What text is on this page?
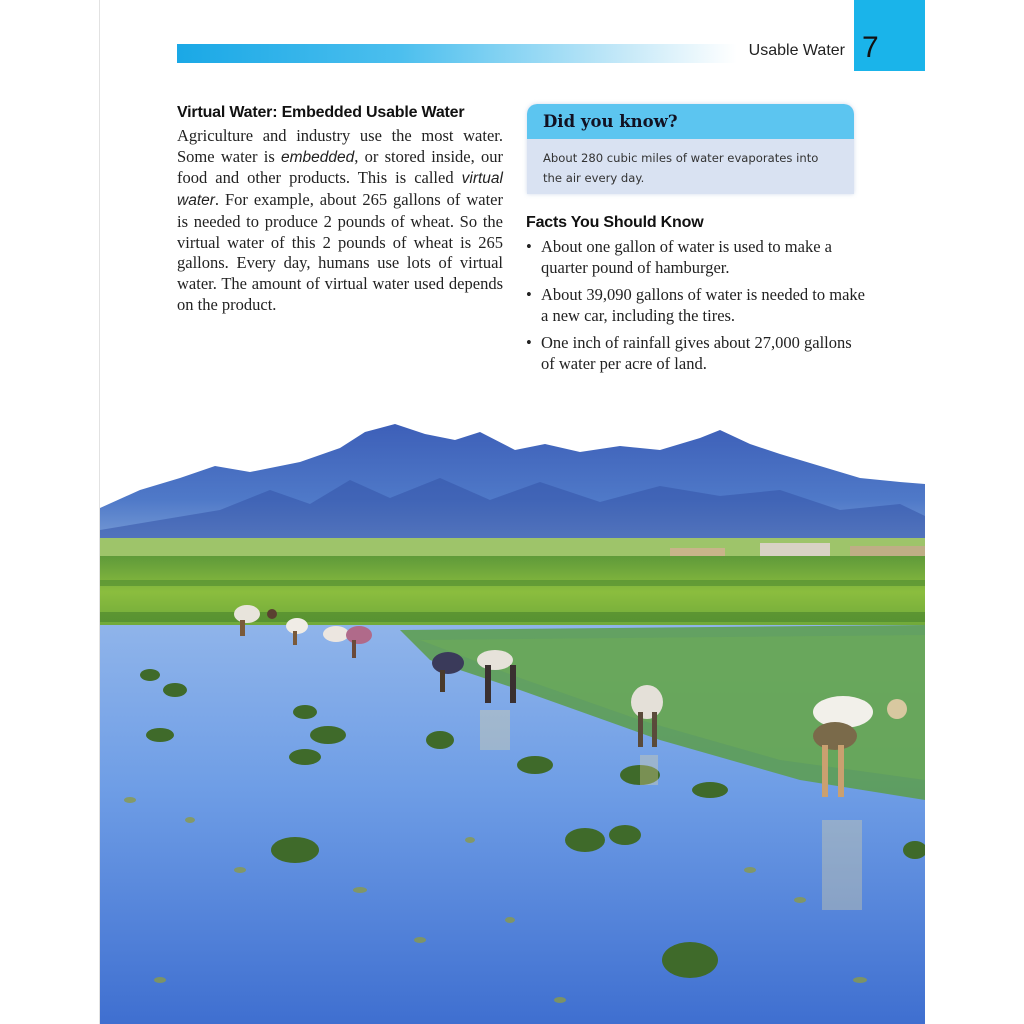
Usable Water 7
Virtual Water: Embedded Usable Water

Agriculture and industry use the most water. Some water is embedded, or stored inside, our food and other products. This is called virtual water. For example, about 265 gallons of water is needed to produce 2 pounds of wheat. So the virtual water of this 2 pounds of wheat is 265 gallons. Every day, humans use lots of virtual water. The amount of virtual water used depends on the product.

Did you know?
About 280 cubic miles of water evaporates into the air every day.
Facts You Should Know
• About one gallon of water is used to make a quarter pound of hamburger.
• About 39,090 gallons of water is needed to make a new car, including the tires.
• One inch of rainfall gives about 27,000 gallons of water per acre of land.
